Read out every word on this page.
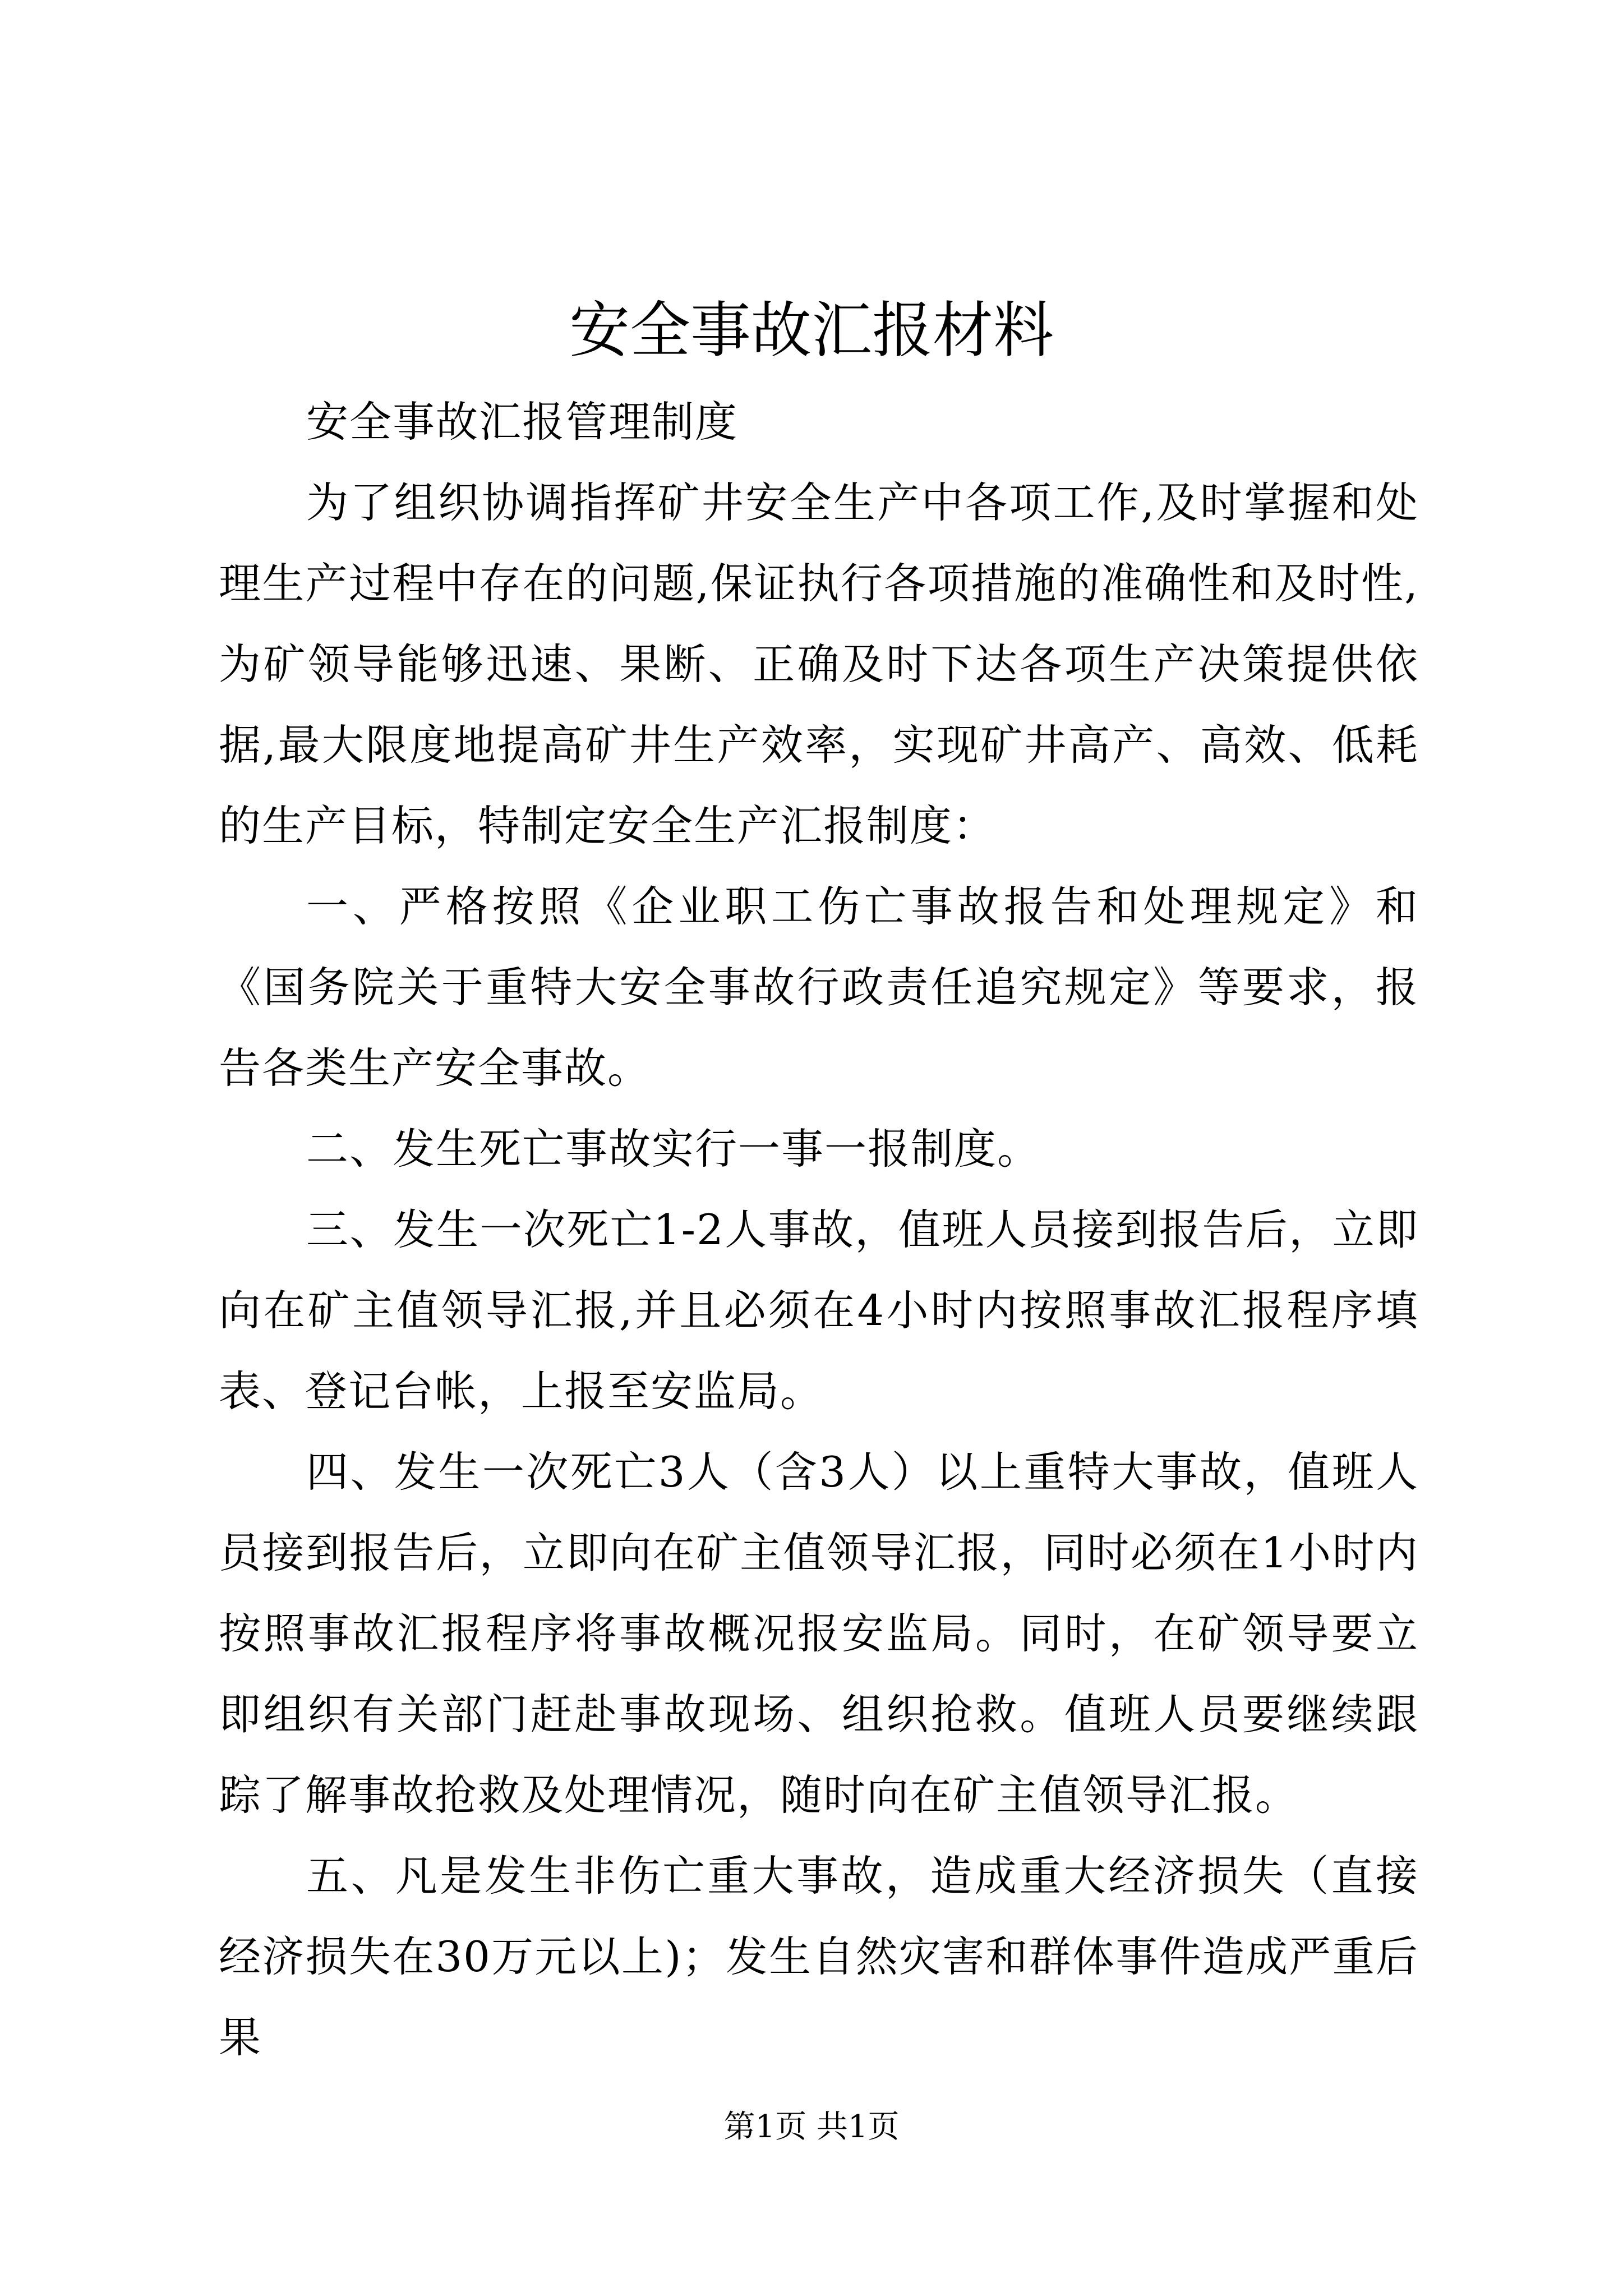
安全事故汇报材料

安全事故汇报管理制度

为了组织协调指挥矿井安全生产中各项工作,及时掌握和处理生产过程中存在的问题,保证执行各项措施的准确性和及时性,为矿领导能够迅速、果断、正确及时下达各项生产决策提供依据,最大限度地提高矿井生产效率，实现矿井高产、高效、低耗的生产目标，特制定安全生产汇报制度：

一、严格按照《企业职工伤亡事故报告和处理规定》和《国务院关于重特大安全事故行政责任追究规定》等要求，报告各类生产安全事故。

二、发生死亡事故实行一事一报制度。

三、发生一次死亡1-2人事故，值班人员接到报告后，立即向在矿主值领导汇报,并且必须在4小时内按照事故汇报程序填表、登记台帐，上报至安监局。

四、发生一次死亡3人（含3人）以上重特大事故，值班人员接到报告后，立即向在矿主值领导汇报，同时必须在1小时内按照事故汇报程序将事故概况报安监局。同时，在矿领导要立即组织有关部门赶赴事故现场、组织抢救。值班人员要继续跟踪了解事故抢救及处理情况，随时向在矿主值领导汇报。

五、凡是发生非伤亡重大事故，造成重大经济损失（直接经济损失在30万元以上)；发生自然灾害和群体事件造成严重后果

第1页 共1页
